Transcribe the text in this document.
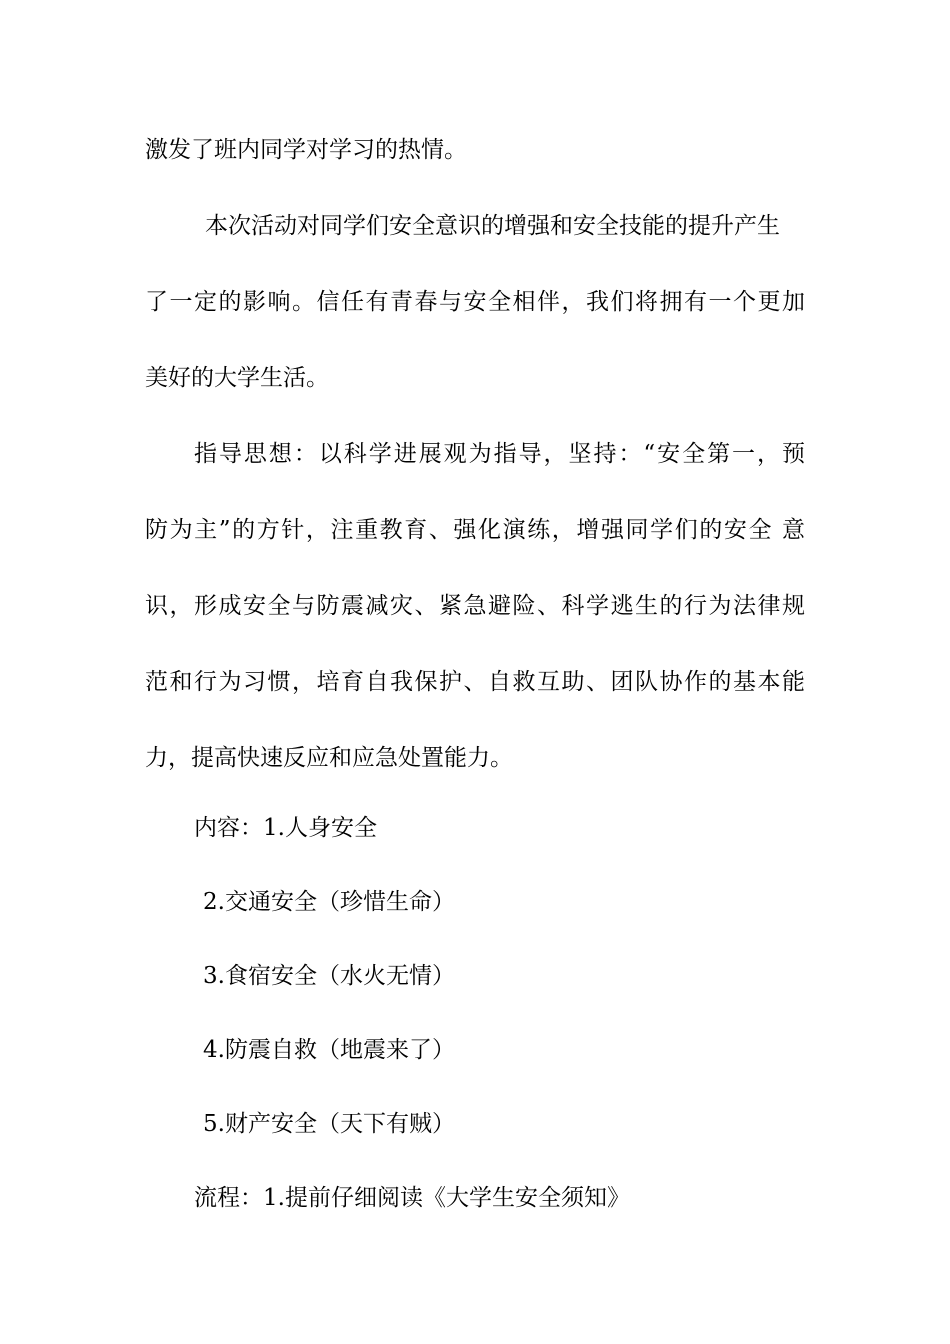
激发了班内同学对学习的热情。
本次活动对同学们安全意识的增强和安全技能的提升产生
了一定的影响。信任有青春与安全相伴，我们将拥有一个更加
美好的大学生活。
指导思想：以科学进展观为指导，坚持：“安全第一，预
防为主”的方针，注重教育、强化演练，增强同学们的安全 意
识，形成安全与防震减灾、紧急避险、科学逃生的行为法律规
范和行为习惯，培育自我保护、自救互助、团队协作的基本能
力，提高快速反应和应急处置能力。
内容：1.人身安全
2.交通安全（珍惜生命）
3.食宿安全（水火无情）
4.防震自救（地震来了）
5.财产安全（天下有贼）
流程：1.提前仔细阅读《大学生安全须知》
